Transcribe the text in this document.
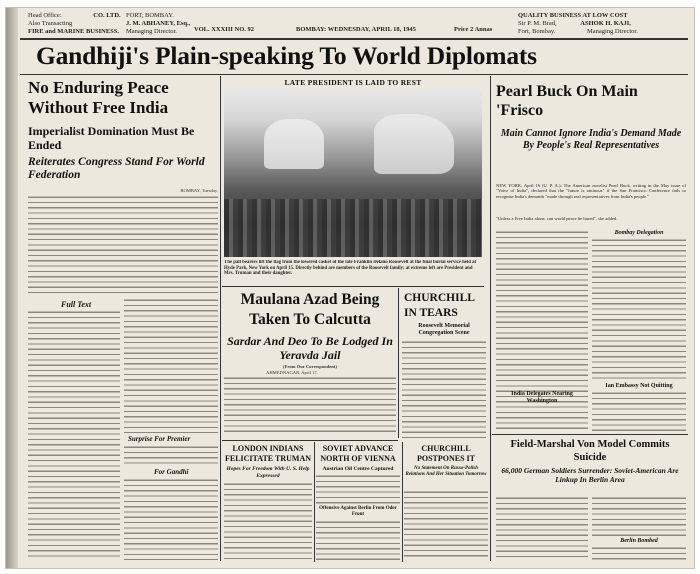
Head Office:	CO. LTD.
Also Transacting
FIRE and MARINE BUSINESS.
FORT, BOMBAY.
J. M. ABHANEY, Esq.,
Managing Director.	VOL. XXXIII NO. 92	BOMBAY: WEDNESDAY, APRIL 18, 1945	Price 2 Annas
QUALITY BUSINESS AT LOW COST
Sir P. M. Brad,	ASHOK H. KAJI,
Fort, Bombay.	Managing Director.
Gandhiji's Plain-speaking To World Diplomats
No Enduring Peace Without Free India
Imperialist Domination Must Be Ended
Reiterates Congress Stand For World Federation
BOMBAY, Tuesday.
Full Text
Surprise For Premier
For Gandhi
LATE PRESIDENT IS LAID TO REST
The pall bearers lift the flag from the lowered casket of the late Franklin Delano Roosevelt at the final burial service held at Hyde Park, New York on April 15. Directly behind are members of the Roosevelt family; at extreme left are President and Mrs. Truman and their daughter.
Maulana Azad Being Taken To Calcutta
Sardar And Deo To Be Lodged In Yeravda Jail
(From Our Correspondent)
AHMEDNAGAR, April 17.
CHURCHILL IN TEARS
Roosevelt Memorial Congregation Scene
LONDON INDIANS FELICITATE TRUMAN
Hopes For Freedom With U. S. Help Expressed
SOVIET ADVANCE NORTH OF VIENNA
Austrian Oil Centre Captured
Offensive Against Berlin From Oder Front
CHURCHILL POSTPONES IT
No Statement On Russo-Polish Relations And Her Situation Tomorrow
Pearl Buck On Main 'Frisco
Main Cannot Ignore India's Demand Made By People's Real Representatives
NEW YORK, April 16 (U. P. A.): The American novelist Pearl Buck, writing in the May issue of "Voice of India", declared that the "future is ominous" if the San Francisco Conference fails to recognise India's demands "made through real representatives from India's people."
"Unless a Free India alone, can world peace be based", she added.
Bombay Delegation
Ian Embassy Not Quitting
India Delegates Nearing Washington
Field-Marshal Von Model Commits Suicide
66,000 German Soldiers Surrender: Soviet-American Are Linkup In Berlin Area
Berlin Bombed
